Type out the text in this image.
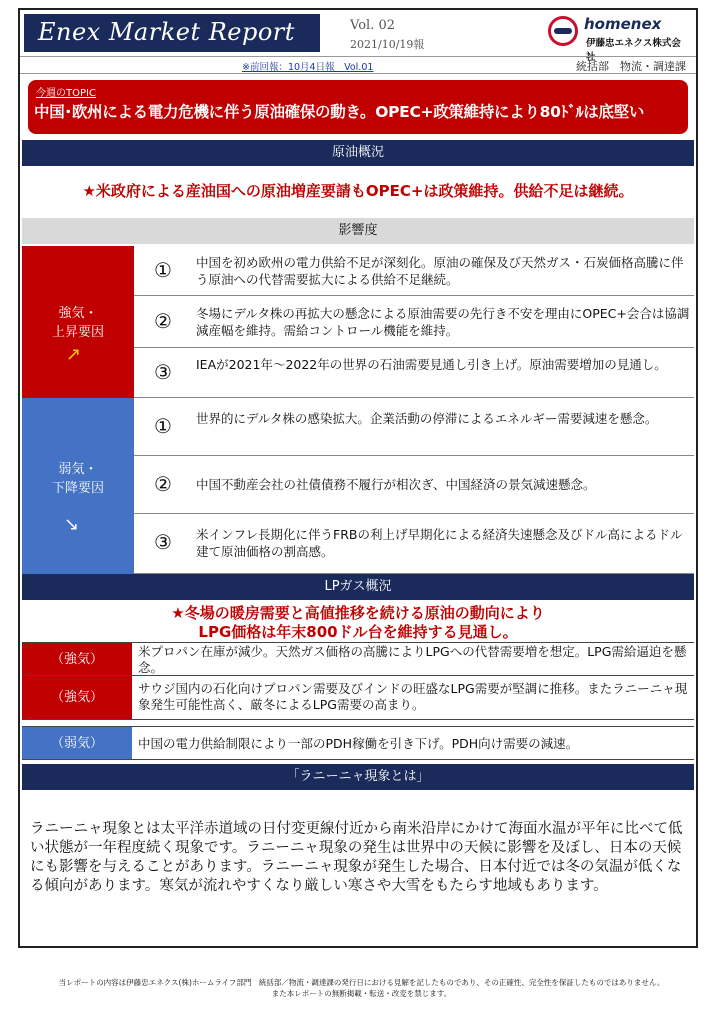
Enex Market Report	Vol. 02
2021/10/19報
homenex
伊藤忠エネクス株式会社
※前回報：10月4日報　Vol.01	統括部　物流・調達課
今週のTOPIC
中国･欧州による電力危機に伴う原油確保の動き。OPEC+政策維持により80ﾄﾞﾙは底堅い
原油概況
★米政府による産油国への原油増産要請もOPEC+は政策維持。供給不足は継続。
影響度
強気・
上昇要因
↗
① 中国を初め欧州の電力供給不足が深刻化。原油の確保及び天然ガス・石炭価格高騰に伴う原油への代替需要拡大による供給不足継続。
② 冬場にデルタ株の再拡大の懸念による原油需要の先行き不安を理由にOPEC+会合は協調減産幅を維持。需給コントロール機能を維持。
③ IEAが2021年～2022年の世界の石油需要見通し引き上げ。原油需要増加の見通し。
弱気・
下降要因
↘
① 世界的にデルタ株の感染拡大。企業活動の停滞によるエネルギー需要減速を懸念。
② 中国不動産会社の社債債務不履行が相次ぎ、中国経済の景気減速懸念。
③ 米インフレ長期化に伴うFRBの利上げ早期化による経済失速懸念及びドル高によるドル建て原油価格の割高感。
LPガス概況
★冬場の暖房需要と高値推移を続ける原油の動向により
LPG価格は年末800ドル台を維持する見通し。
（強気）
米プロパン在庫が減少。天然ガス価格の高騰によりLPGへの代替需要増を想定。LPG需給逼迫を懸念。
（強気）
サウジ国内の石化向けプロパン需要及びインドの旺盛なLPG需要が堅調に推移。またラニーニャ現象発生可能性高く、厳冬によるLPG需要の高まり。
（弱気）	中国の電力供給制限により一部のPDH稼働を引き下げ。PDH向け需要の減速。
「ラニーニャ現象とは」
ラニーニャ現象とは太平洋赤道域の日付変更線付近から南米沿岸にかけて海面水温が平年に比べて低い状態が一年程度続く現象です。ラニーニャ現象の発生は世界中の天候に影響を及ぼし、日本の天候にも影響を与えることがあります。ラニーニャ現象が発生した場合、日本付近では冬の気温が低くなる傾向があります。寒気が流れやすくなり厳しい寒さや大雪をもたらす地域もあります。
当レポートの内容は伊藤忠エネクス(株)ホームライフ部門　統括部／物流・調達課の発行日における見解を記したものであり、その正確性、完全性を保証したものではありません。
また本レポートの無断掲載・転送・改変を禁じます。
